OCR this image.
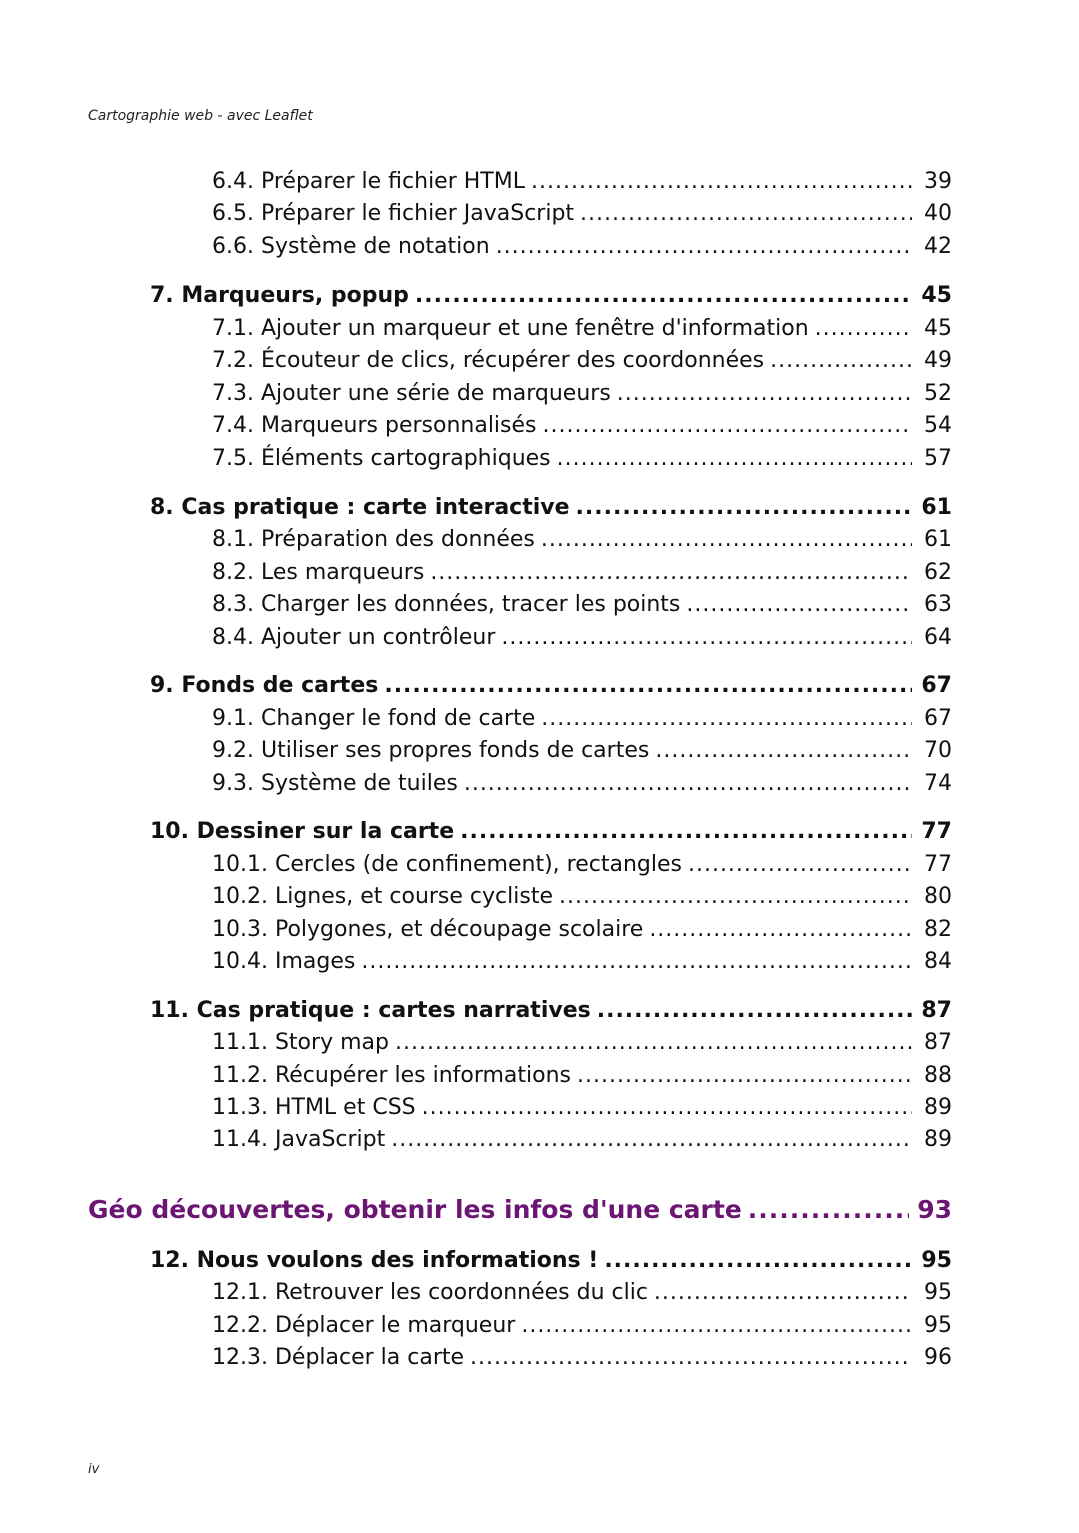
Cartographie web - avec Leaflet
6.4. Préparer le fichier HTML .....	39
6.5. Préparer le fichier JavaScript .....	40
6.6. Système de notation .....	42
7. Marqueurs, popup .....	45
7.1. Ajouter un marqueur et une fenêtre d'information .....	45
7.2. Écouteur de clics, récupérer des coordonnées .....	49
7.3. Ajouter une série de marqueurs .....	52
7.4. Marqueurs personnalisés .....	54
7.5. Éléments cartographiques .....	57
8. Cas pratique : carte interactive .....	61
8.1. Préparation des données .....	61
8.2. Les marqueurs .....	62
8.3. Charger les données, tracer les points .....	63
8.4. Ajouter un contrôleur .....	64
9. Fonds de cartes .....	67
9.1. Changer le fond de carte .....	67
9.2. Utiliser ses propres fonds de cartes .....	70
9.3. Système de tuiles .....	74
10. Dessiner sur la carte .....	77
10.1. Cercles (de confinement), rectangles .....	77
10.2. Lignes, et course cycliste .....	80
10.3. Polygones, et découpage scolaire .....	82
10.4. Images .....	84
11. Cas pratique : cartes narratives .....	87
11.1. Story map .....	87
11.2. Récupérer les informations .....	88
11.3. HTML et CSS .....	89
11.4. JavaScript .....	89
Géo découvertes, obtenir les infos d'une carte .....	93
12. Nous voulons des informations ! .....	95
12.1. Retrouver les coordonnées du clic .....	95
12.2. Déplacer le marqueur .....	95
12.3. Déplacer la carte .....	96
iv
